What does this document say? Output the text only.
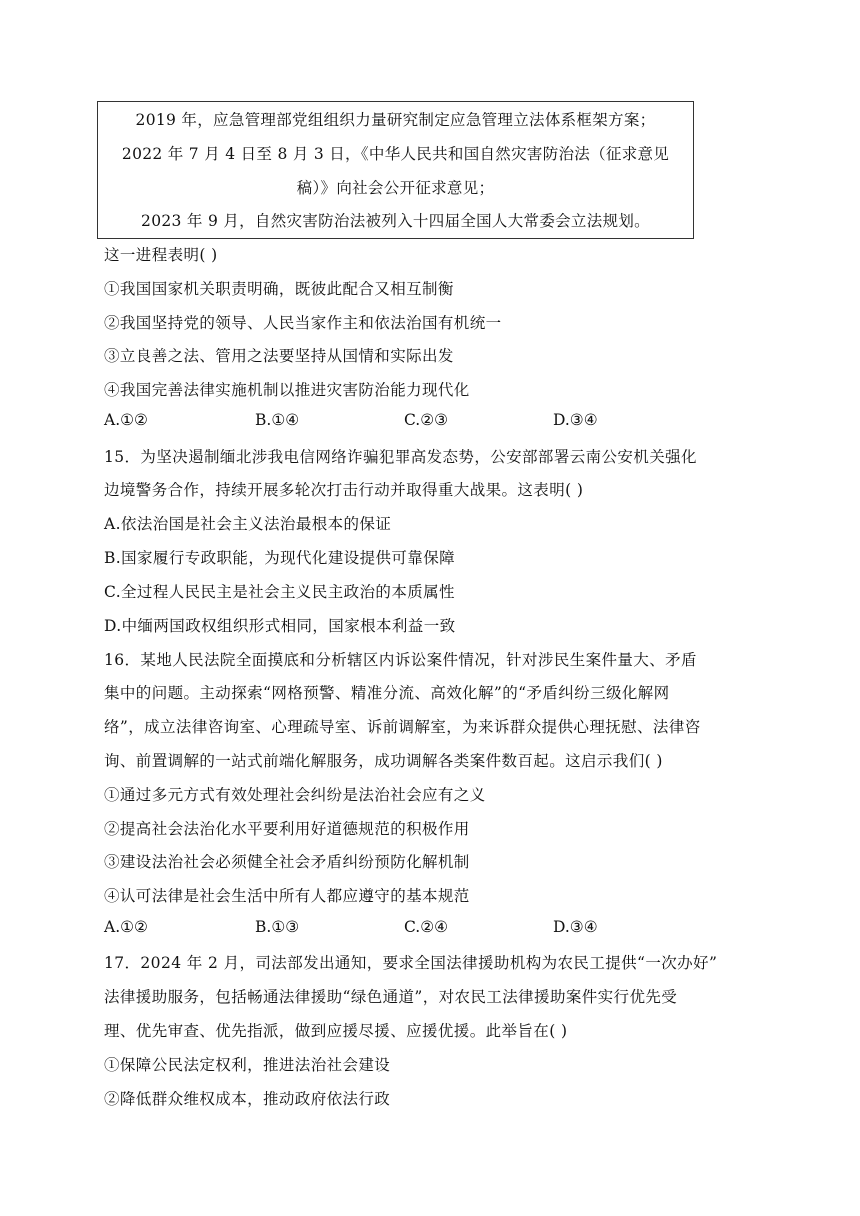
2019 年，应急管理部党组组织力量研究制定应急管理立法体系框架方案；
2022 年 7 月 4 日至 8 月 3 日，《中华人民共和国自然灾害防治法（征求意见
稿）》向社会公开征求意见；
2023 年 9 月，自然灾害防治法被列入十四届全国人大常委会立法规划。
这一进程表明( )
①我国国家机关职责明确，既彼此配合又相互制衡
②我国坚持党的领导、人民当家作主和依法治国有机统一
③立良善之法、管用之法要坚持从国情和实际出发
④我国完善法律实施机制以推进灾害防治能力现代化
A.①②	B.①④	C.②③	D.③④
15．为坚决遏制缅北涉我电信网络诈骗犯罪高发态势，公安部部署云南公安机关强化
边境警务合作，持续开展多轮次打击行动并取得重大战果。这表明( )
A.依法治国是社会主义法治最根本的保证
B.国家履行专政职能，为现代化建设提供可靠保障
C.全过程人民民主是社会主义民主政治的本质属性
D.中缅两国政权组织形式相同，国家根本利益一致
16．某地人民法院全面摸底和分析辖区内诉讼案件情况，针对涉民生案件量大、矛盾
集中的问题。主动探索“网格预警、精准分流、高效化解”的“矛盾纠纷三级化解网
络”，成立法律咨询室、心理疏导室、诉前调解室，为来诉群众提供心理抚慰、法律咨
询、前置调解的一站式前端化解服务，成功调解各类案件数百起。这启示我们( )
①通过多元方式有效处理社会纠纷是法治社会应有之义
②提高社会法治化水平要利用好道德规范的积极作用
③建设法治社会必须健全社会矛盾纠纷预防化解机制
④认可法律是社会生活中所有人都应遵守的基本规范
A.①②	B.①③	C.②④	D.③④
17．2024 年 2 月，司法部发出通知，要求全国法律援助机构为农民工提供“一次办好”
法律援助服务，包括畅通法律援助“绿色通道”，对农民工法律援助案件实行优先受
理、优先审查、优先指派，做到应援尽援、应援优援。此举旨在( )
①保障公民法定权利，推进法治社会建设
②降低群众维权成本，推动政府依法行政
